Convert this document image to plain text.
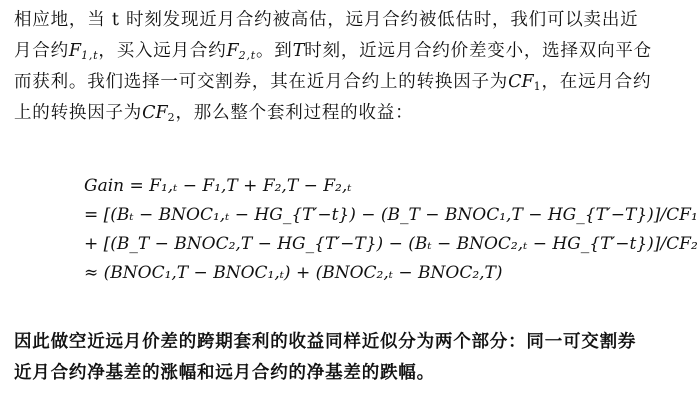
相应地，当 t 时刻发现近月合约被高估，远月合约被低估时，我们可以卖出近
月合约$F_{1,t}$，买入远月合约$F_{2,t}$。到T时刻，近远月合约价差变小，选择双向平仓
而获利。我们选择一可交割券，其在近月合约上的转换因子为$CF_1$，在远月合约
上的转换因子为$CF_2$，那么整个套利过程的收益：
Gain = F₁,ₜ − F₁,T + F₂,T − F₂,ₜ
= [(Bₜ − BNOC₁,ₜ − HG_{T′−t}) − (B_T − BNOC₁,T − HG_{T′−T})]/CF₁
+ [(B_T − BNOC₂,T − HG_{T′−T}) − (Bₜ − BNOC₂,ₜ − HG_{T′−t})]/CF₂
≈ (BNOC₁,T − BNOC₁,ₜ) + (BNOC₂,ₜ − BNOC₂,T)
因此做空近远月价差的跨期套利的收益同样近似分为两个部分：同一可交割券
近月合约净基差的涨幅和远月合约的净基差的跌幅。
